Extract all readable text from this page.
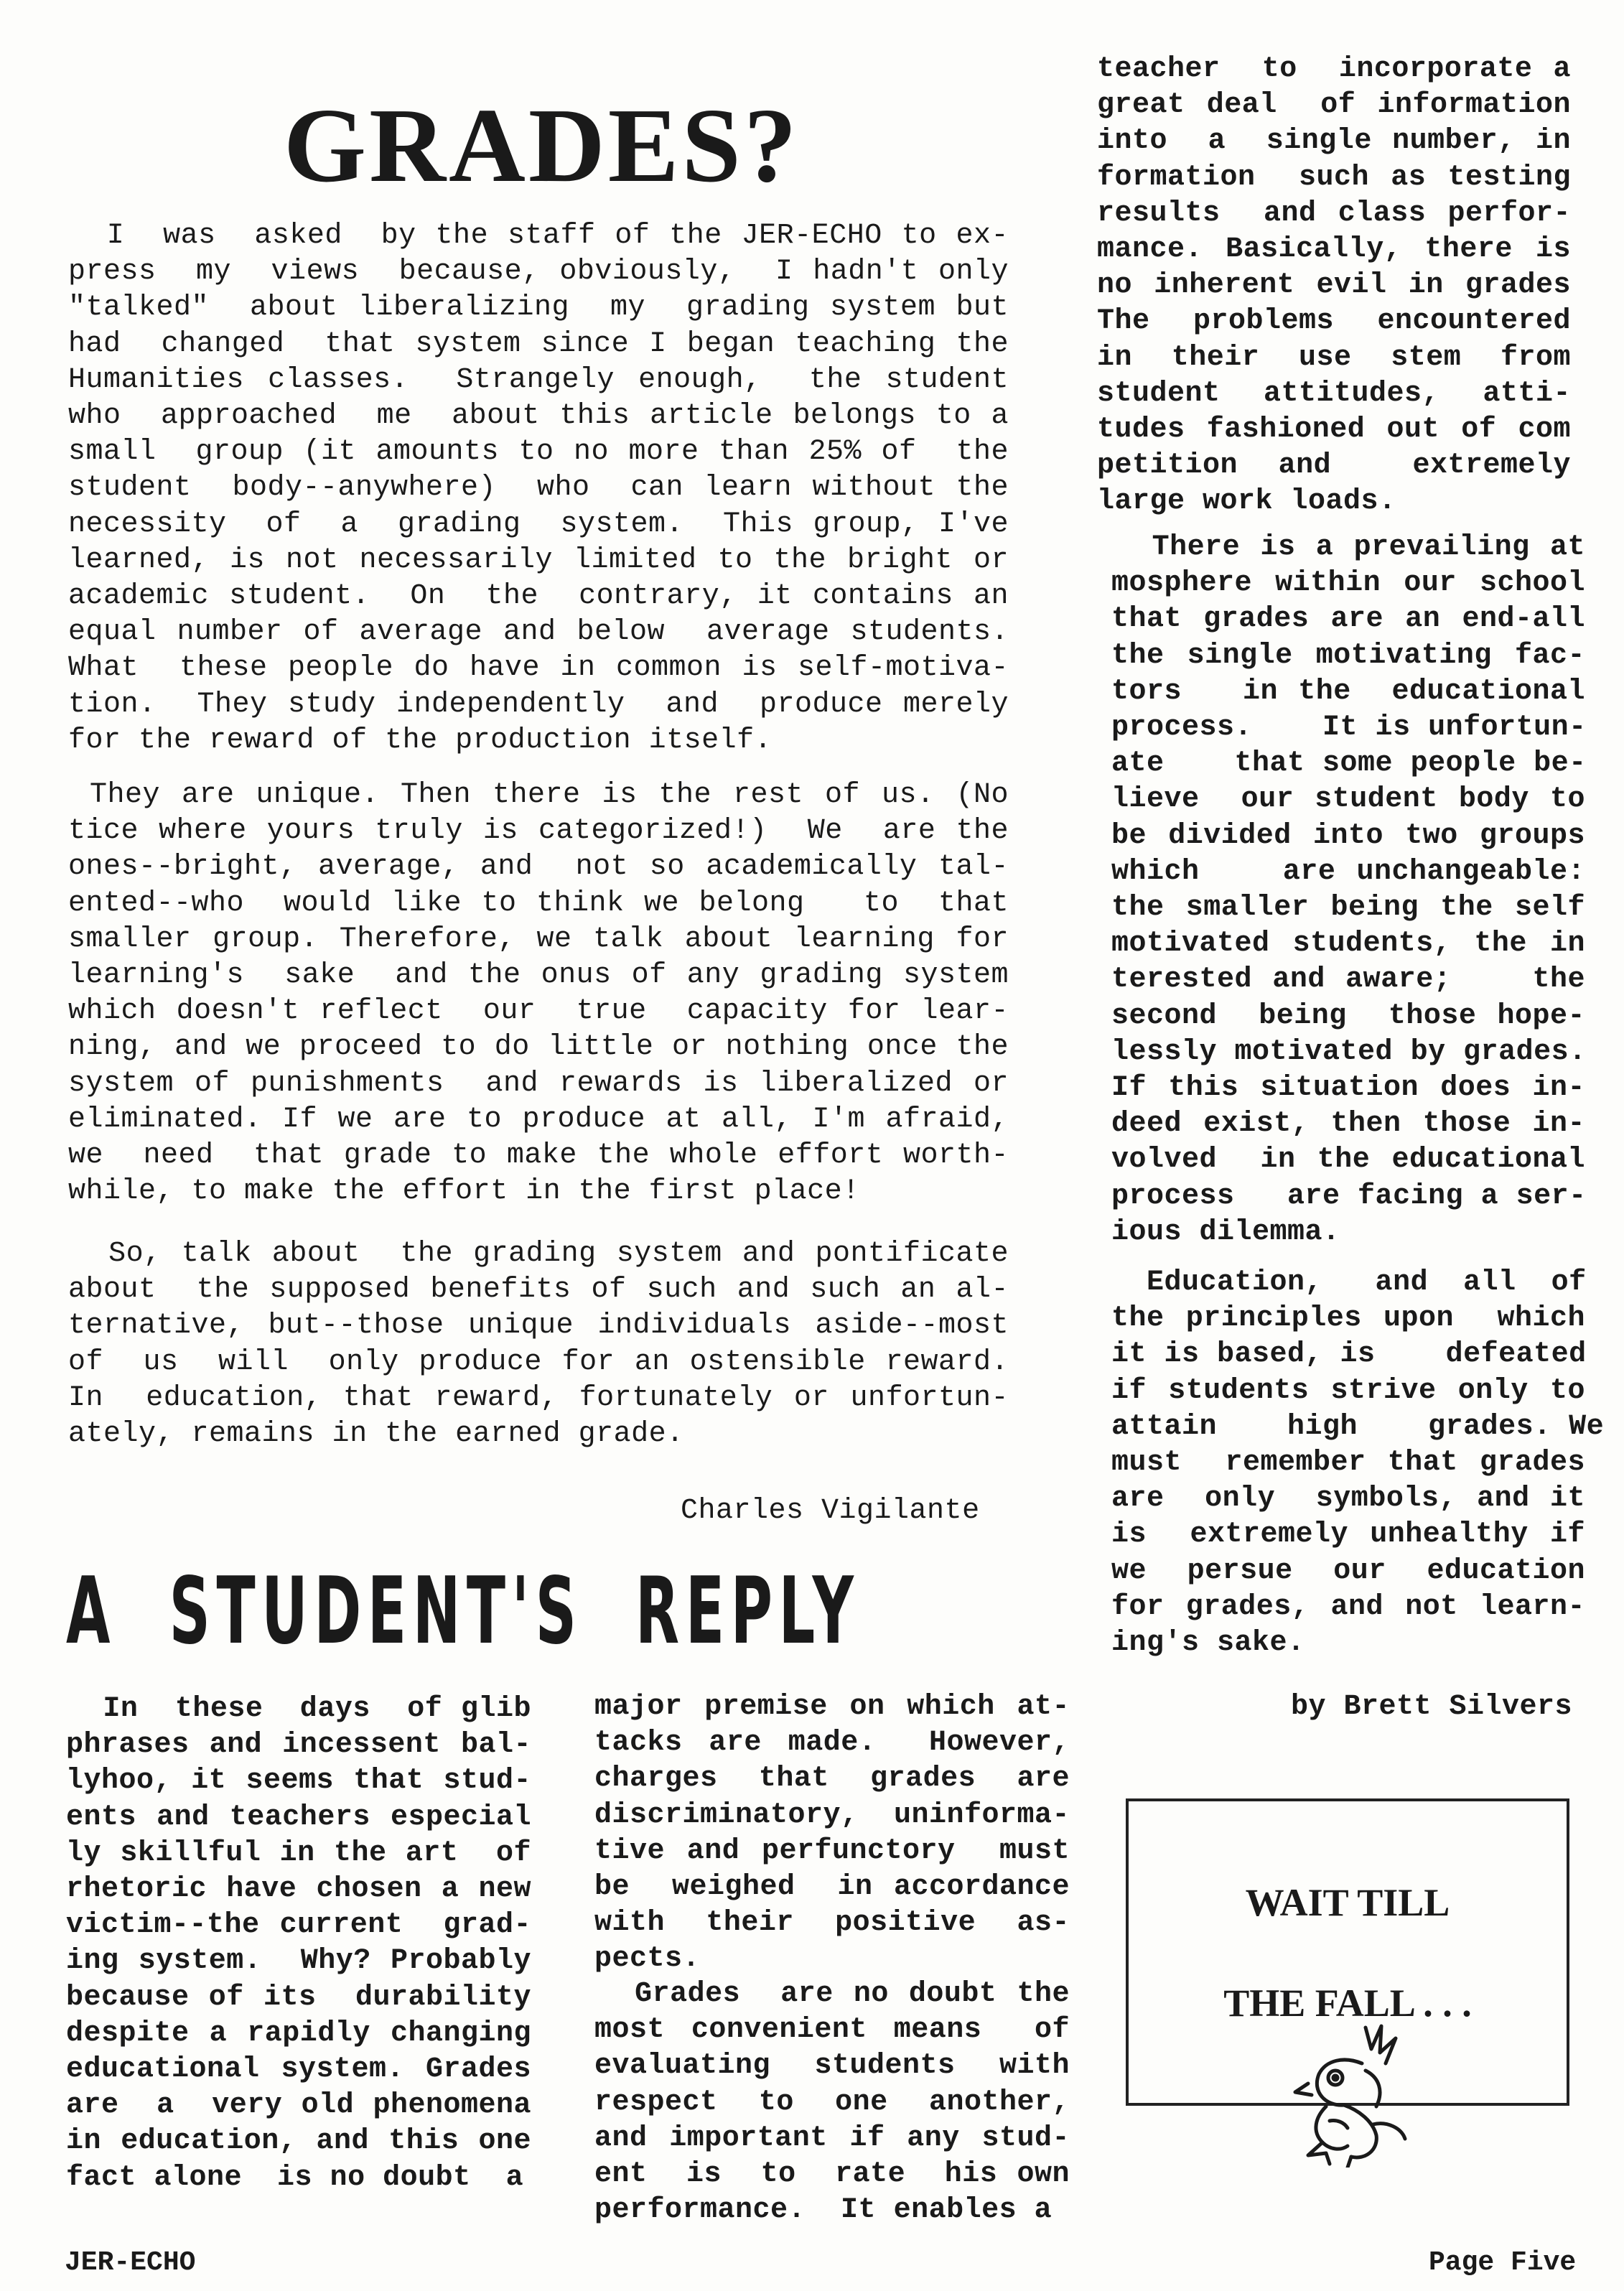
GRADES?
I  was  asked  by the staff of the JER-ECHO to ex-
press  my  views  because, obviously,  I hadn't only
"talked"  about liberalizing  my  grading system but
had  changed  that system since I began teaching the
Humanities classes.  Strangely enough,  the student
who  approached  me  about this article belongs to a
small  group (it amounts to no more than 25% of  the
student  body--anywhere)  who  can learn without the
necessity  of  a  grading  system.  This group, I've
learned, is not necessarily limited to the bright or
academic student.  On  the  contrary, it contains an
equal number of average and below  average students.
What  these people do have in common is self-motiva-
tion.  They study independently  and  produce merely
for the reward of the production itself.
They are unique. Then there is the rest of us. (No
tice where yours truly is categorized!)  We  are the
ones--bright, average, and  not so academically tal-
ented--who  would like to think we belong   to  that
smaller group. Therefore, we talk about learning for
learning's  sake  and the onus of any grading system
which doesn't reflect  our  true  capacity for lear-
ning, and we proceed to do little or nothing once the
system of punishments  and rewards is liberalized or
eliminated. If we are to produce at all, I'm afraid,
we  need  that grade to make the whole effort worth-
while, to make the effort in the first place!
So, talk about  the grading system and pontificate
about  the supposed benefits of such and such an al-
ternative, but--those unique individuals aside--most
of  us  will  only produce for an ostensible reward.
In  education, that reward, fortunately or unfortun-
ately, remains in the earned grade.
Charles Vigilante
A STUDENT'S REPLY
In  these  days  of glib
phrases and incessent bal-
lyhoo, it seems that stud-
ents and teachers especial
ly skillful in the art  of
rhetoric have chosen a new
victim--the current  grad-
ing system.  Why? Probably
because of its  durability
despite a rapidly changing
educational system. Grades
are  a  very old phenomena
in education, and this one
fact alone  is no doubt  a
major premise on which at-
tacks are made.  However,
charges  that  grades  are
discriminatory, uninforma-
tive and perfunctory  must
be  weighed  in accordance
with  their  positive  as-
pects.
Grades  are no doubt the
most convenient means  of
evaluating  students  with
respect  to  one  another,
and important if any stud-
ent  is  to  rate  his own
performance.  It enables a
teacher  to  incorporate a
great deal  of information
into  a  single number, in
formation  such as testing
results  and class perfor-
mance. Basically, there is
no inherent evil in grades
The  problems  encountered
in  their  use  stem  from
student  attitudes,  atti-
tudes fashioned out of com
petition  and    extremely
large work loads.
There is a prevailing at
mosphere within our school
that grades are an end-all
the single motivating fac-
tors   in the  educational
process.    It is unfortun-
ate    that some people be-
lieve  our student body to
be divided into two groups
which    are unchangeable:
the smaller being the self
motivated students, the in
terested and aware;    the
second  being  those hope-
lessly motivated by grades.
If this situation does in-
deed exist, then those in-
volved  in the educational
process   are facing a ser-
ious dilemma.
Education,   and  all  of
the principles upon  which
it is based, is    defeated
if students strive only to
attain    high    grades. We
must  remember that grades
are  only  symbols, and it
is  extremely unhealthy if
we  persue  our  education
for grades, and not learn-
ing's sake.
by Brett Silvers
WAIT TILL
THE FALL . . .
JER-ECHO	Page Five
